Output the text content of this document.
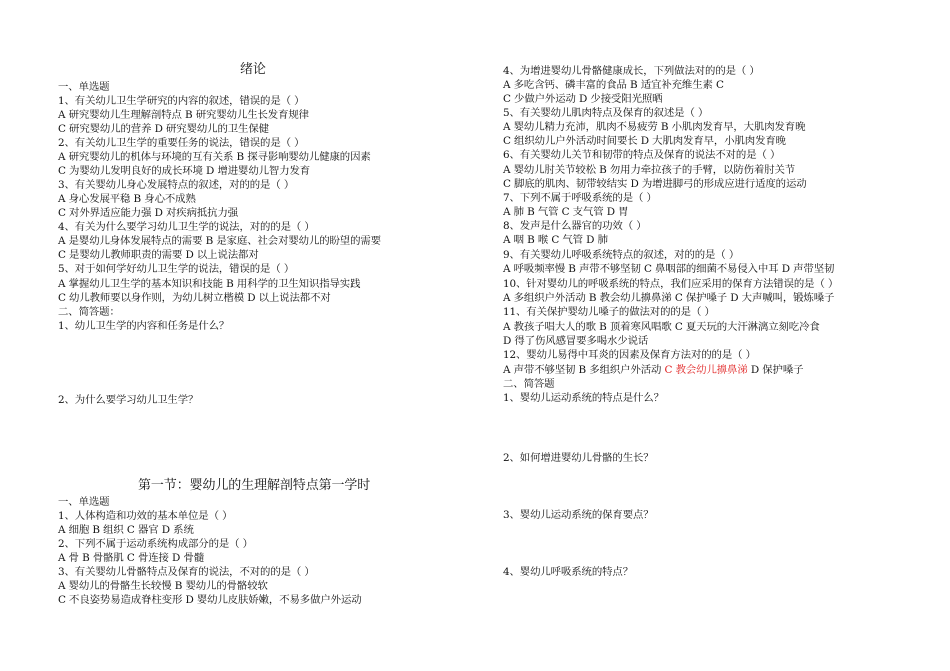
绪论
一、单选题
1、有关幼儿卫生学研究的内容的叙述，错误的是（ ）
A 研究婴幼儿生理解剖特点 B 研究婴幼儿生长发育规律
C 研究婴幼儿的营养 D 研究婴幼儿的卫生保健
2、有关幼儿卫生学的重要任务的说法，错误的是（ ）
A 研究婴幼儿的机体与环境的互有关系 B 探寻影响婴幼儿健康的因素
C 为婴幼儿发明良好的成长环境 D 增进婴幼儿智力发育
3、有关婴幼儿身心发展特点的叙述，对的的是（ ）
A 身心发展平稳 B 身心不成熟
C 对外界适应能力强 D 对疾病抵抗力强
4、有关为什么要学习幼儿卫生学的说法，对的的是（ ）
A 是婴幼儿身体发展特点的需要 B 是家庭、社会对婴幼儿的盼望的需要
C 是婴幼儿教师职责的需要 D 以上说法都对
5、对于如何学好幼儿卫生学的说法，错误的是（ ）
A 掌握幼儿卫生学的基本知识和技能 B 用科学的卫生知识指导实践
C 幼儿教师要以身作则，为幼儿树立楷模 D 以上说法都不对
二、简答题：
1、幼儿卫生学的内容和任务是什么？
2、为什么要学习幼儿卫生学？
第一节：婴幼儿的生理解剖特点第一学时
一、单选题
1、人体构造和功效的基本单位是（ ）
A 细胞 B 组织 C 器官 D 系统
2、下列不属于运动系统构成部分的是（ ）
A 骨 B 骨骼肌 C 骨连接 D 骨髓
3、有关婴幼儿骨骼特点及保育的说法，不对的的是（ ）
A 婴幼儿的骨骼生长较慢 B 婴幼儿的骨骼较软
C 不良姿势易造成脊柱变形 D 婴幼儿皮肤娇嫩，不易多做户外运动
4、为增进婴幼儿骨骼健康成长，下列做法对的的是（ ）
A 多吃含钙、磷丰富的食品 B 适宜补充维生素 C
C 少做户外运动 D 少接受阳光照晒
5、有关婴幼儿肌肉特点及保育的叙述是（ ）
A 婴幼儿精力充沛，肌肉不易疲劳 B 小肌肉发育早，大肌肉发育晚
C 组织幼儿户外活动时间要长 D 大肌肉发育早，小肌肉发育晚
6、有关婴幼儿关节和韧带的特点及保育的说法不对的是（ ）
A 婴幼儿肘关节较松 B 勿用力牵拉孩子的手臂，以防伤着肘关节
C 脚底的肌肉、韧带较结实 D 为增进脚弓的形成应进行适度的运动
7、下列不属于呼吸系统的是（ ）
A 肺 B 气管 C 支气管 D 胃
8、发声是什么器官的功效（ ）
A 咽 B 喉 C 气管 D 肺
9、有关婴幼儿呼吸系统特点的叙述，对的的是（ ）
A 呼吸频率慢 B 声带不够坚韧 C 鼻咽部的细菌不易侵入中耳 D 声带坚韧
10、针对婴幼儿的呼吸系统的特点，我们应采用的保育方法错误的是（ ）
A 多组织户外活动 B 教会幼儿擤鼻涕 C 保护嗓子 D 大声喊叫，锻炼嗓子
11、有关保护婴幼儿嗓子的做法对的的是（ ）
A 教孩子唱大人的歌 B 顶着寒风唱歌 C 夏天玩的大汗淋漓立刻吃冷食
D 得了伤风感冒要多喝水少说话
12、婴幼儿易得中耳炎的因素及保育方法对的的是（ ）
A 声带不够坚韧 B 多组织户外活动 C 教会幼儿擤鼻涕 D 保护嗓子
二、简答题
1、婴幼儿运动系统的特点是什么？
2、如何增进婴幼儿骨骼的生长？
3、婴幼儿运动系统的保育要点？
4、婴幼儿呼吸系统的特点？
